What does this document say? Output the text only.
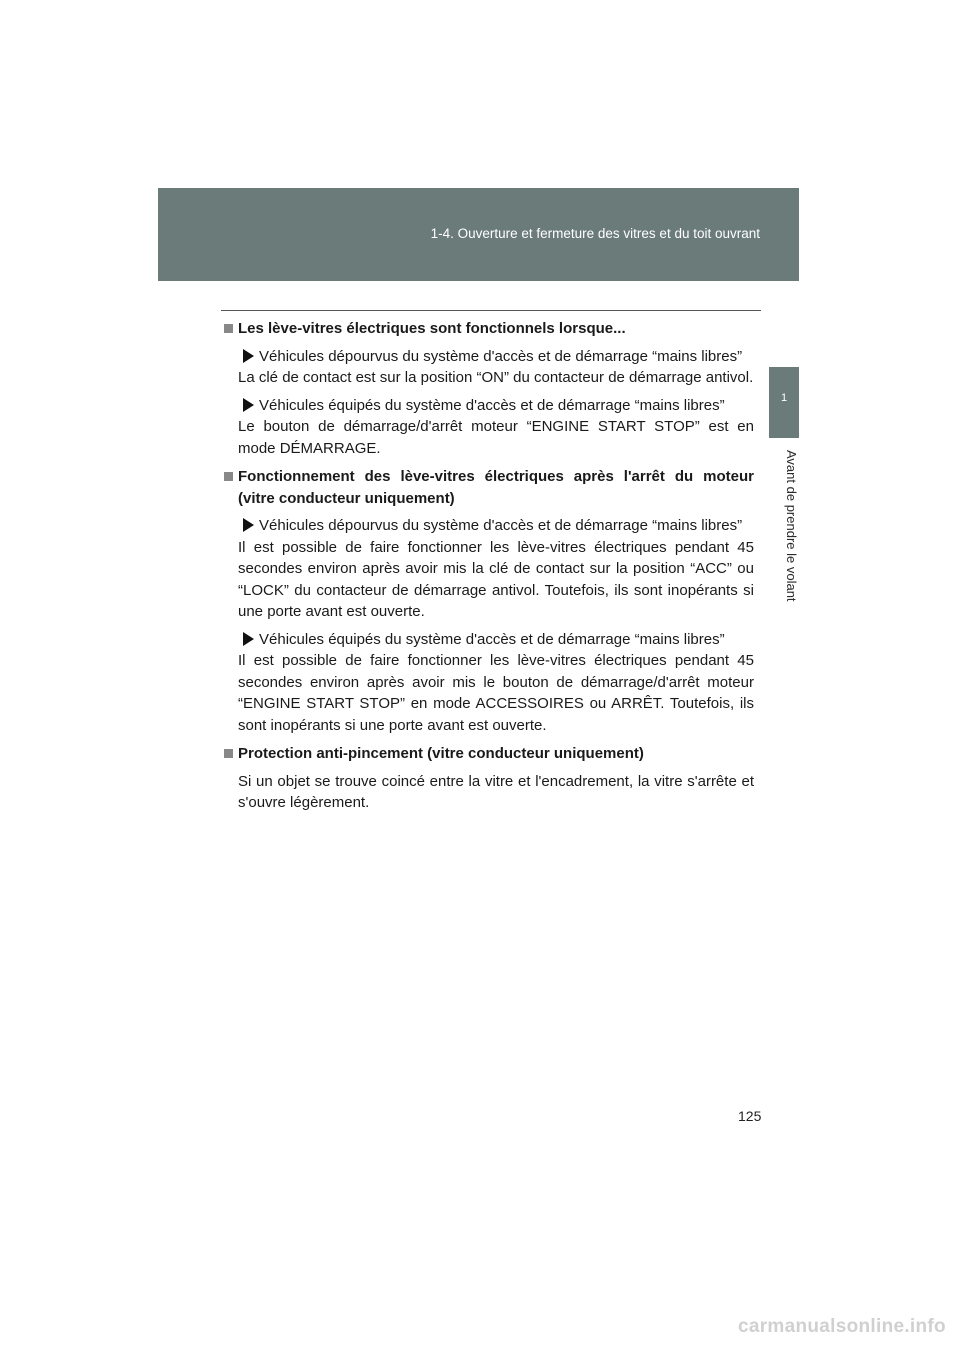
1-4. Ouverture et fermeture des vitres et du toit ouvrant
1
Avant de prendre le volant
Les lève-vitres électriques sont fonctionnels lorsque...
Véhicules dépourvus du système d'accès et de démarrage “mains libres”
La clé de contact est sur la position “ON” du contacteur de démarrage antivol.
Véhicules équipés du système d'accès et de démarrage “mains libres”
Le bouton de démarrage/d'arrêt moteur “ENGINE START STOP” est en mode DÉMARRAGE.
Fonctionnement des lève-vitres électriques après l'arrêt du moteur (vitre conducteur uniquement)
Véhicules dépourvus du système d'accès et de démarrage “mains libres”
Il est possible de faire fonctionner les lève-vitres électriques pendant 45 secondes environ après avoir mis la clé de contact sur la position “ACC” ou “LOCK” du contacteur de démarrage antivol. Toutefois, ils sont inopérants si une porte avant est ouverte.
Véhicules équipés du système d'accès et de démarrage “mains libres”
Il est possible de faire fonctionner les lève-vitres électriques pendant 45 secondes environ après avoir mis le bouton de démarrage/d'arrêt moteur “ENGINE START STOP” en mode ACCESSOIRES ou ARRÊT. Toutefois, ils sont inopérants si une porte avant est ouverte.
Protection anti-pincement (vitre conducteur uniquement)
Si un objet se trouve coincé entre la vitre et l'encadrement, la vitre s'arrête et s'ouvre légèrement.
125
carmanualsonline.info
